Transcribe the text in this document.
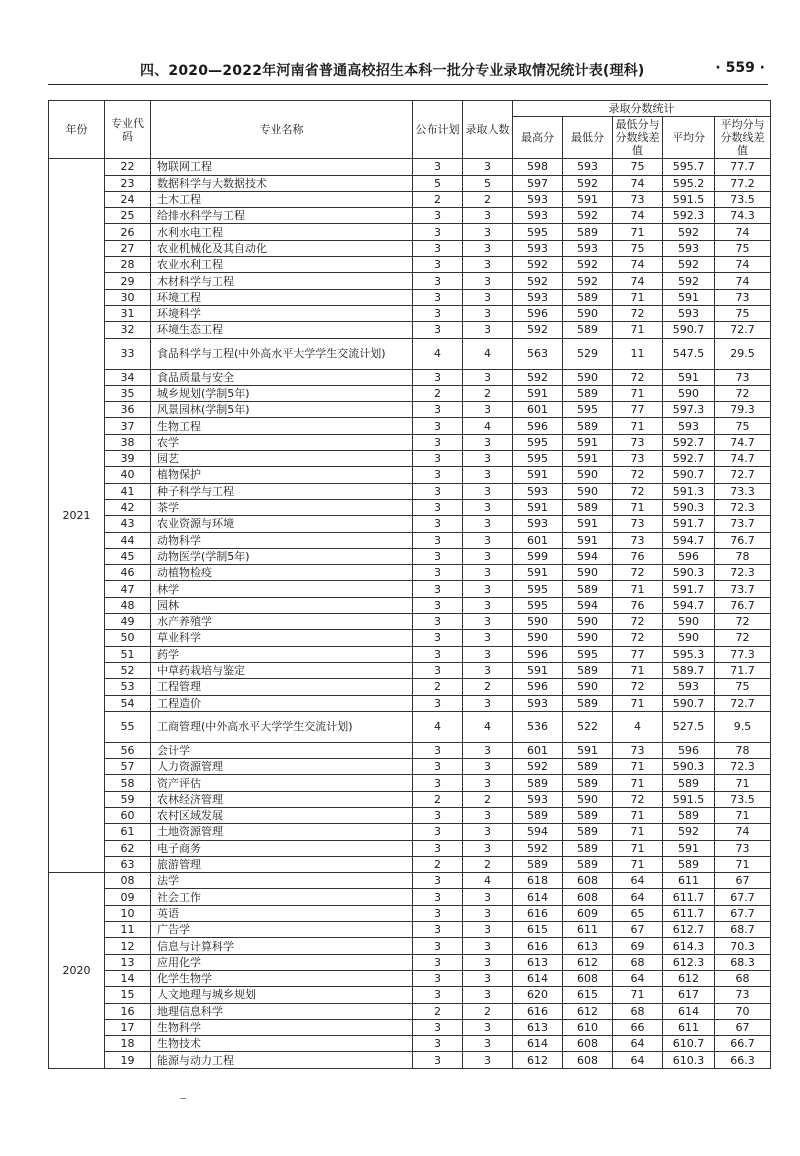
四、2020—2022年河南省普通高校招生本科一批分专业录取情况统计表(理科)	· 559 ·
年份	专业代码	专业名称	公布计划	录取人数	录取分数统计				
					最高分	最低分	最低分与分数线差值	平均分	平均分与分数线差值
2021	22	物联网工程	3	3	598	593	75	595.7	77.7
	23	数据科学与大数据技术	5	5	597	592	74	595.2	77.2
	24	土木工程	2	2	593	591	73	591.5	73.5
	25	给排水科学与工程	3	3	593	592	74	592.3	74.3
	26	水利水电工程	3	3	595	589	71	592	74
	27	农业机械化及其自动化	3	3	593	593	75	593	75
	28	农业水利工程	3	3	592	592	74	592	74
	29	木材科学与工程	3	3	592	592	74	592	74
	30	环境工程	3	3	593	589	71	591	73
	31	环境科学	3	3	596	590	72	593	75
	32	环境生态工程	3	3	592	589	71	590.7	72.7
	33	食品科学与工程(中外高水平大学学生交流计划)	4	4	563	529	11	547.5	29.5
	34	食品质量与安全	3	3	592	590	72	591	73
	35	城乡规划(学制5年)	2	2	591	589	71	590	72
	36	风景园林(学制5年)	3	3	601	595	77	597.3	79.3
	37	生物工程	3	4	596	589	71	593	75
	38	农学	3	3	595	591	73	592.7	74.7
	39	园艺	3	3	595	591	73	592.7	74.7
	40	植物保护	3	3	591	590	72	590.7	72.7
	41	种子科学与工程	3	3	593	590	72	591.3	73.3
	42	茶学	3	3	591	589	71	590.3	72.3
	43	农业资源与环境	3	3	593	591	73	591.7	73.7
	44	动物科学	3	3	601	591	73	594.7	76.7
	45	动物医学(学制5年)	3	3	599	594	76	596	78
	46	动植物检疫	3	3	591	590	72	590.3	72.3
	47	林学	3	3	595	589	71	591.7	73.7
	48	园林	3	3	595	594	76	594.7	76.7
	49	水产养殖学	3	3	590	590	72	590	72
	50	草业科学	3	3	590	590	72	590	72
	51	药学	3	3	596	595	77	595.3	77.3
	52	中草药栽培与鉴定	3	3	591	589	71	589.7	71.7
	53	工程管理	2	2	596	590	72	593	75
	54	工程造价	3	3	593	589	71	590.7	72.7
	55	工商管理(中外高水平大学学生交流计划)	4	4	536	522	4	527.5	9.5
	56	会计学	3	3	601	591	73	596	78
	57	人力资源管理	3	3	592	589	71	590.3	72.3
	58	资产评估	3	3	589	589	71	589	71
	59	农林经济管理	2	2	593	590	72	591.5	73.5
	60	农村区域发展	3	3	589	589	71	589	71
	61	土地资源管理	3	3	594	589	71	592	74
	62	电子商务	3	3	592	589	71	591	73
	63	旅游管理	2	2	589	589	71	589	71
2020	08	法学	3	4	618	608	64	611	67
	09	社会工作	3	3	614	608	64	611.7	67.7
	10	英语	3	3	616	609	65	611.7	67.7
	11	广告学	3	3	615	611	67	612.7	68.7
	12	信息与计算科学	3	3	616	613	69	614.3	70.3
	13	应用化学	3	3	613	612	68	612.3	68.3
	14	化学生物学	3	3	614	608	64	612	68
	15	人文地理与城乡规划	3	3	620	615	71	617	73
	16	地理信息科学	2	2	616	612	68	614	70
	17	生物科学	3	3	613	610	66	611	67
	18	生物技术	3	3	614	608	64	610.7	66.7
	19	能源与动力工程	3	3	612	608	64	610.3	66.3
